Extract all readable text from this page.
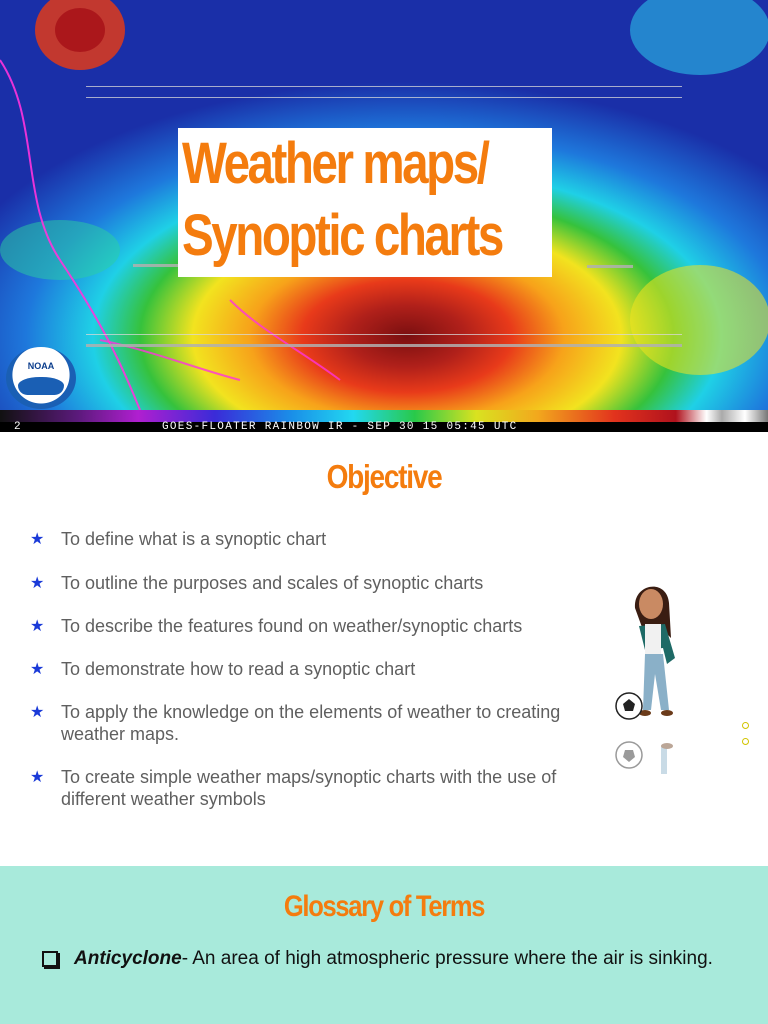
Weather maps/
Synoptic charts
NOAA
2	GOES-FLOATER RAINBOW IR - SEP 30 15 05:45 UTC
Objective
★ To define what is a synoptic chart
★ To outline the purposes and scales of synoptic charts
★ To describe the features found on weather/synoptic charts
★ To demonstrate how to read a synoptic chart
★ To apply the knowledge on the elements of weather to creating weather maps.
★ To create simple weather maps/synoptic charts with the use of different weather symbols
Glossary of Terms
Anticyclone- An area of high atmospheric pressure where the air is sinking.
